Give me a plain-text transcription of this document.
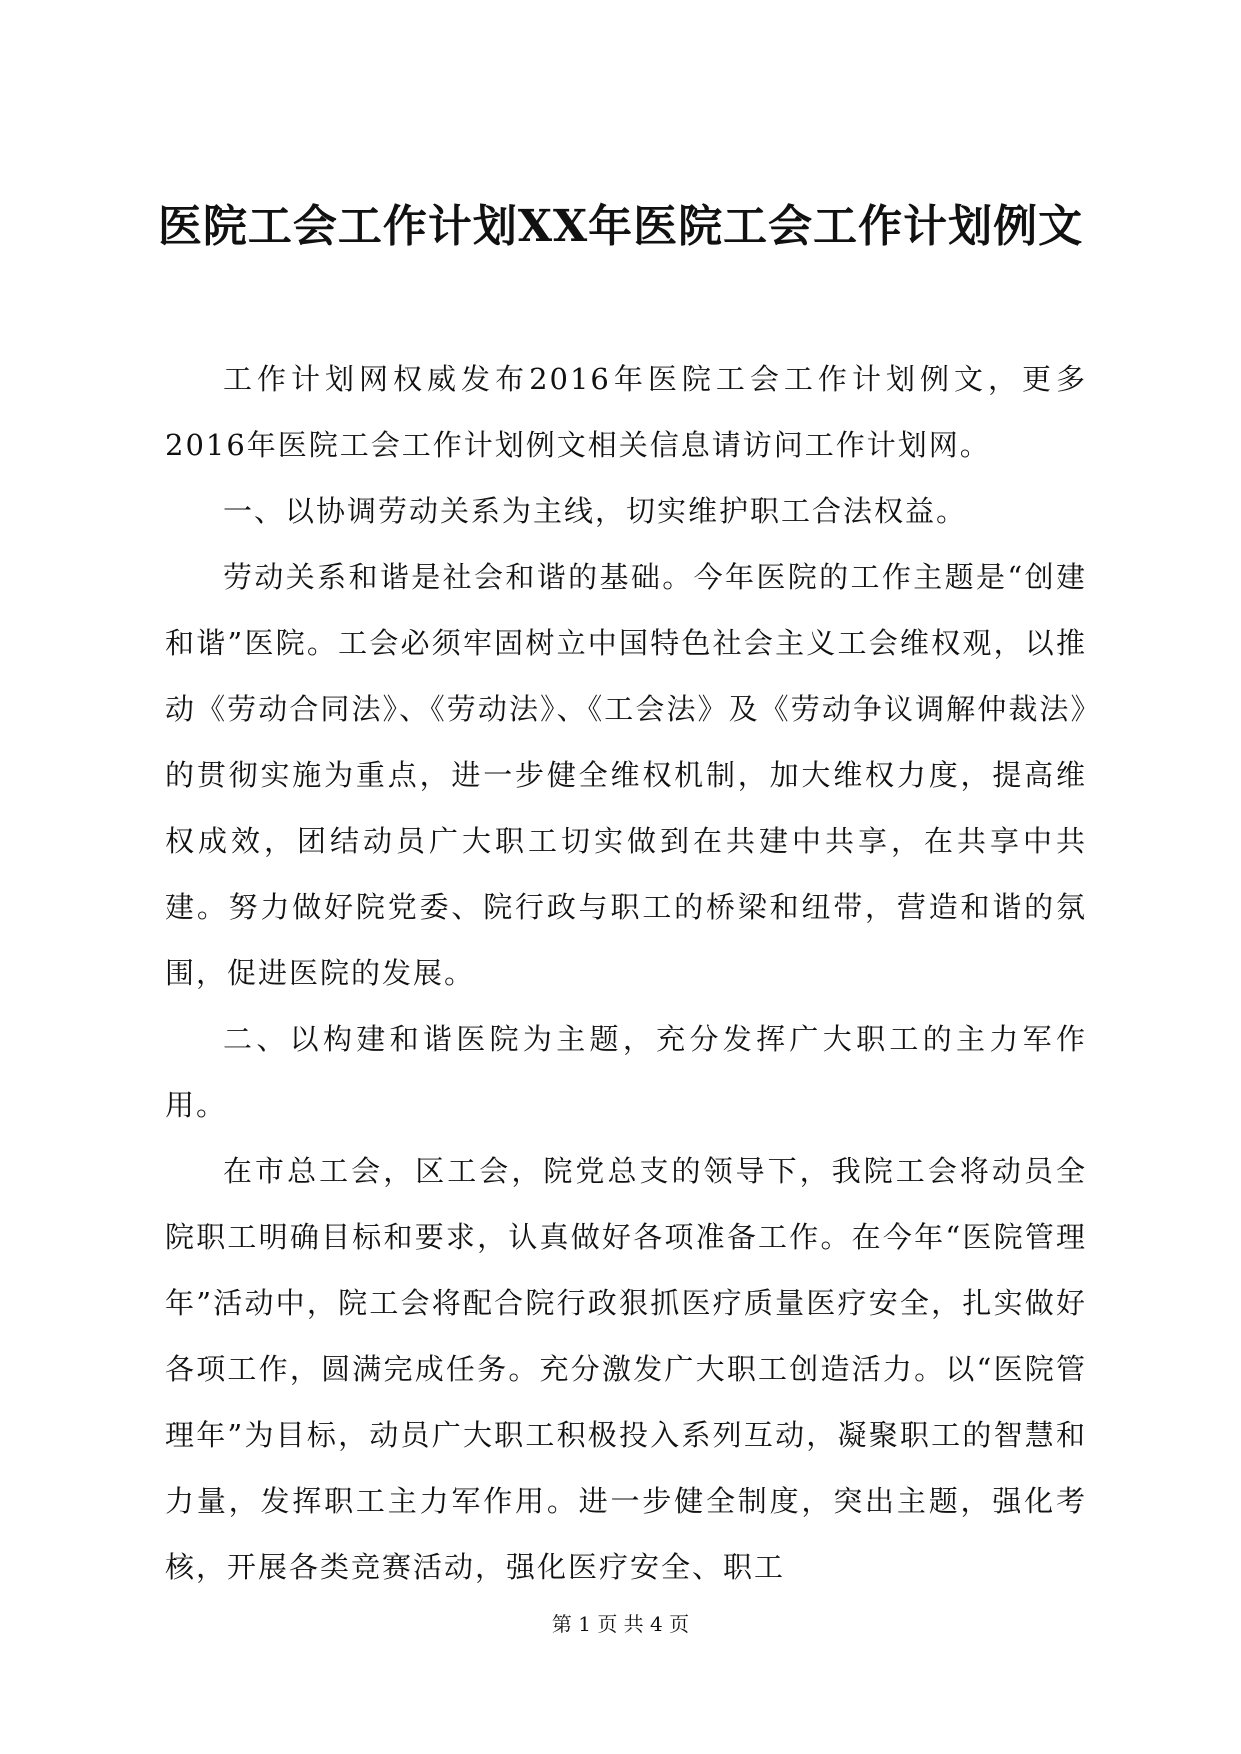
医院工会工作计划XX年医院工会工作计划例文

工作计划网权威发布2016年医院工会工作计划例文，更多2016年医院工会工作计划例文相关信息请访问工作计划网。

一、以协调劳动关系为主线，切实维护职工合法权益。

劳动关系和谐是社会和谐的基础。今年医院的工作主题是“创建和谐”医院。工会必须牢固树立中国特色社会主义工会维权观，以推动《劳动合同法》、《劳动法》、《工会法》及《劳动争议调解仲裁法》的贯彻实施为重点，进一步健全维权机制，加大维权力度，提高维权成效，团结动员广大职工切实做到在共建中共享，在共享中共建。努力做好院党委、院行政与职工的桥梁和纽带，营造和谐的氛围，促进医院的发展。

二、以构建和谐医院为主题，充分发挥广大职工的主力军作用。

在市总工会，区工会，院党总支的领导下，我院工会将动员全院职工明确目标和要求，认真做好各项准备工作。在今年“医院管理年”活动中，院工会将配合院行政狠抓医疗质量医疗安全，扎实做好各项工作，圆满完成任务。充分激发广大职工创造活力。以“医院管理年”为目标，动员广大职工积极投入系列互动，凝聚职工的智慧和力量，发挥职工主力军作用。进一步健全制度，突出主题，强化考核，开展各类竞赛活动，强化医疗安全、职工

第 1 页 共 4 页
